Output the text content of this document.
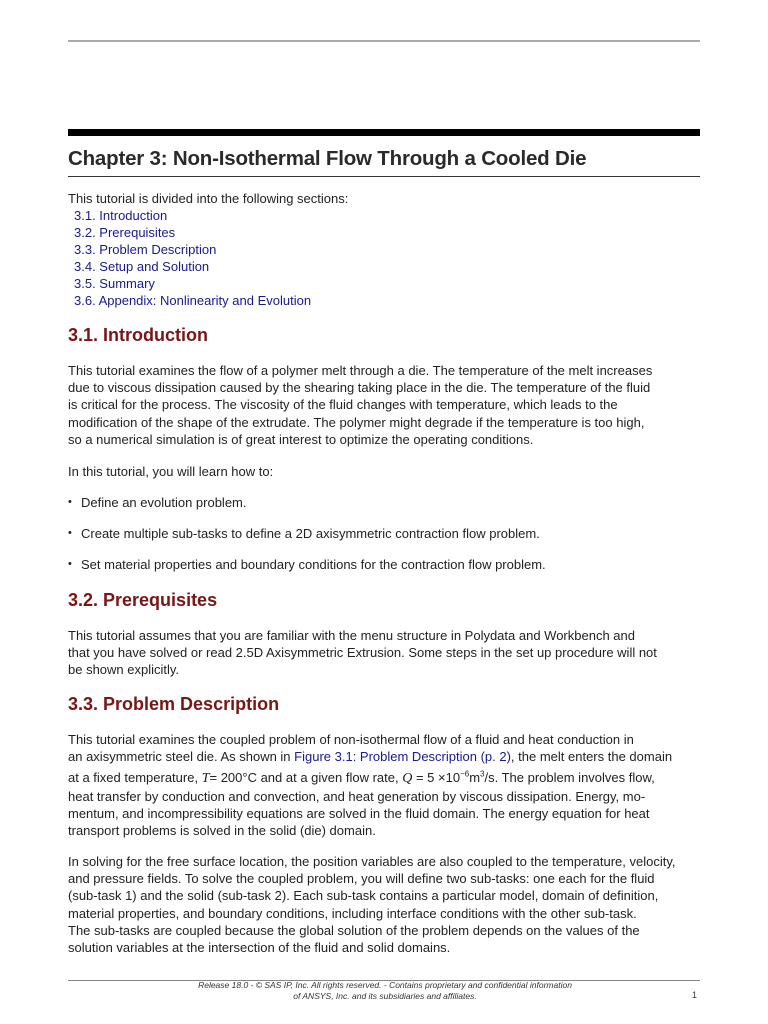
Chapter 3: Non-Isothermal Flow Through a Cooled Die
This tutorial is divided into the following sections:
3.1. Introduction
3.2. Prerequisites
3.3. Problem Description
3.4. Setup and Solution
3.5. Summary
3.6. Appendix: Nonlinearity and Evolution
3.1. Introduction

This tutorial examines the flow of a polymer melt through a die. The temperature of the melt increases
due to viscous dissipation caused by the shearing taking place in the die. The temperature of the fluid
is critical for the process. The viscosity of the fluid changes with temperature, which leads to the
modification of the shape of the extrudate. The polymer might degrade if the temperature is too high,
so a numerical simulation is of great interest to optimize the operating conditions.

In this tutorial, you will learn how to:

• Define an evolution problem.
• Create multiple sub-tasks to define a 2D axisymmetric contraction flow problem.
• Set material properties and boundary conditions for the contraction flow problem.
3.2. Prerequisites

This tutorial assumes that you are familiar with the menu structure in Polydata and Workbench and
that you have solved or read 2.5D Axisymmetric Extrusion. Some steps in the set up procedure will not
be shown explicitly.

3.3. Problem Description

This tutorial examines the coupled problem of non-isothermal flow of a fluid and heat conduction in
an axisymmetric steel die. As shown in Figure 3.1: Problem Description (p. 2), the melt enters the domain
at a fixed temperature, T= 200°C and at a given flow rate, $Q = 5 \times 10^{-6}m^3/s$. The problem involves flow,
heat transfer by conduction and convection, and heat generation by viscous dissipation. Energy, mo-
mentum, and incompressibility equations are solved in the fluid domain. The energy equation for heat
transport problems is solved in the solid (die) domain.

In solving for the free surface location, the position variables are also coupled to the temperature, velocity,
and pressure fields. To solve the coupled problem, you will define two sub-tasks: one each for the fluid
(sub-task 1) and the solid (sub-task 2). Each sub-task contains a particular model, domain of definition,
material properties, and boundary conditions, including interface conditions with the other sub-task.
The sub-tasks are coupled because the global solution of the problem depends on the values of the
solution variables at the intersection of the fluid and solid domains.

Release 18.0 - © SAS IP, Inc. All rights reserved. - Contains proprietary and confidential information
of ANSYS, Inc. and its subsidiaries and affiliates.	1
